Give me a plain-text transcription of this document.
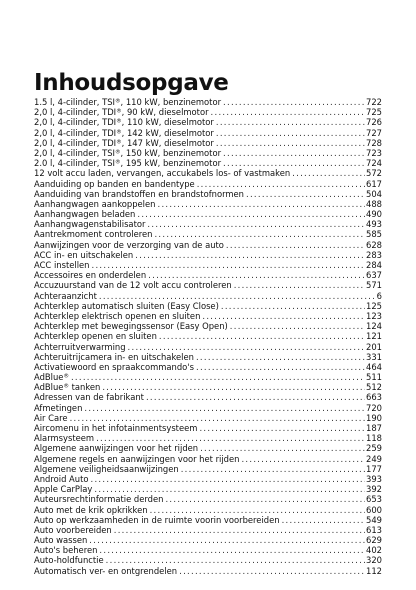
Inhoudsopgave
1.5 l, 4-cilinder, TSI®, 110 kW, benzinemotor .....	722
2,0 l, 4-cilinder, TDI®, 90 kW, dieselmotor .....	725
2,0 l, 4-cilinder, TDI®, 110 kW, dieselmotor .....	726
2,0 l, 4-cilinder, TDI®, 142 kW, dieselmotor .....	727
2,0 l, 4-cilinder, TDI®, 147 kW, dieselmotor .....	728
2,0 l, 4-cilinder, TSI®, 150 kW, benzinemotor .....	723
2.0 l, 4-cilinder, TSI®, 195 kW, benzinemotor .....	724
12 volt accu laden, vervangen, accukabels los- of vastmaken .....	572
Aanduiding op banden en bandentype .....	617
Aanduiding van brandstoffen en brandstofnormen .....	504
Aanhangwagen aankoppelen .....	488
Aanhangwagen beladen .....	490
Aanhangwagenstabilisator .....	493
Aantrekmoment controleren .....	585
Aanwijzingen voor de verzorging van de auto .....	628
ACC in- en uitschakelen .....	283
ACC instellen .....	284
Accessoires en onderdelen .....	637
Accuzuurstand van de 12 volt accu controleren .....	571
Achteraanzicht .....	6
Achterklep automatisch sluiten (Easy Close) .....	125
Achterklep elektrisch openen en sluiten .....	123
Achterklep met bewegingssensor (Easy Open) .....	124
Achterklep openen en sluiten .....	121
Achterruitverwarming .....	201
Achteruitrijcamera in- en uitschakelen .....	331
Activatiewoord en spraakcommando's .....	464
AdBlue® .....	511
AdBlue® tanken .....	512
Adressen van de fabrikant .....	663
Afmetingen .....	720
Air Care .....	190
Aircomenu in het infotainmentsysteem .....	187
Alarmsysteem .....	118
Algemene aanwijzingen voor het rijden .....	259
Algemene regels en aanwijzingen voor het rijden .....	249
Algemene veiligheidsaanwijzingen .....	177
Android Auto .....	393
Apple CarPlay .....	392
Auteursrechtinformatie derden .....	653
Auto met de krik opkrikken .....	600
Auto op werkzaamheden in de ruimte voorin voorbereiden .....	549
Auto voorbereiden .....	613
Auto wassen .....	629
Auto's beheren .....	402
Auto-holdfunctie .....	320
Automatisch ver- en ontgrendelen .....	112
